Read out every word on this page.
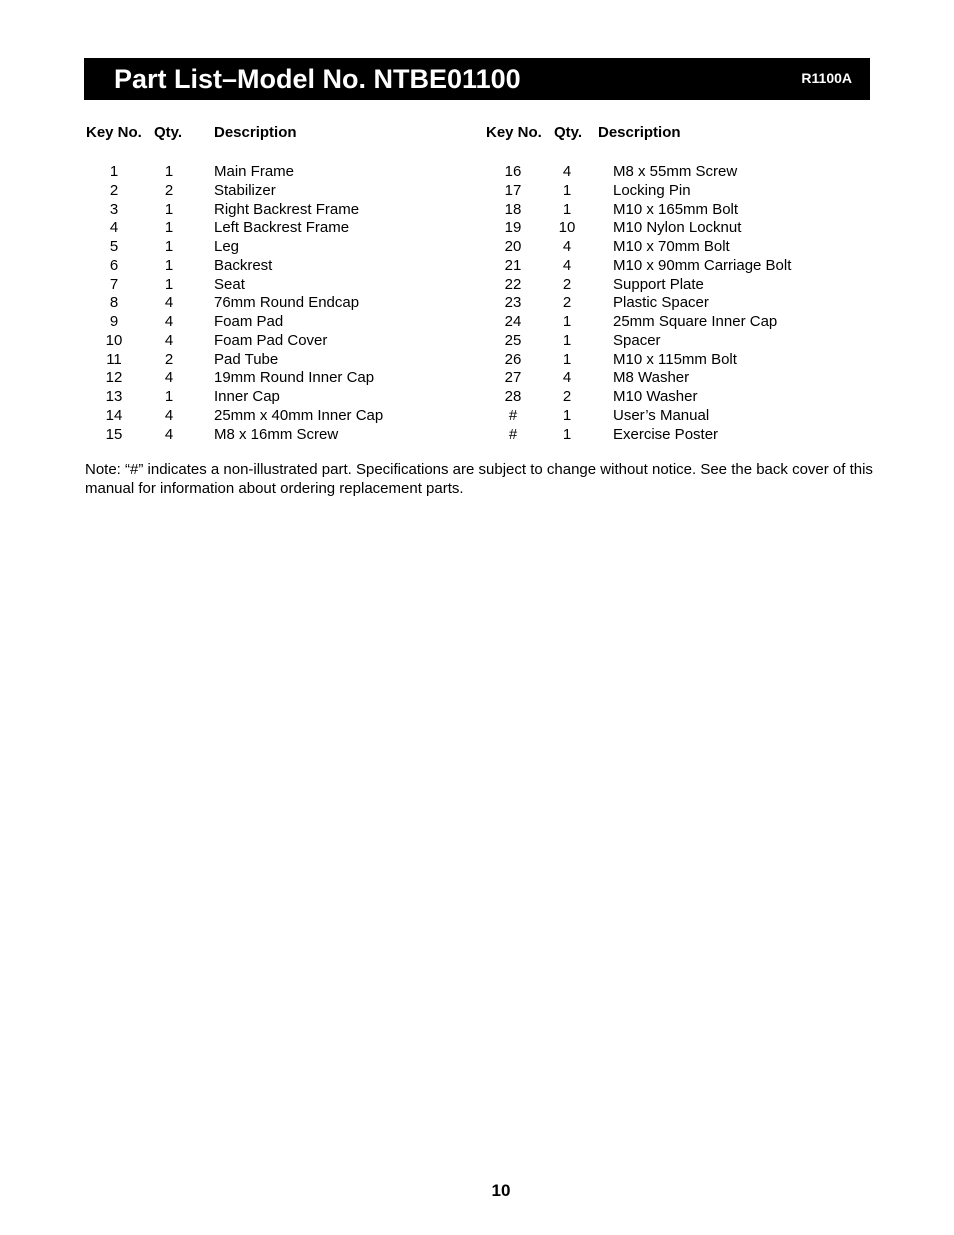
Part List–Model No. NTBE01100	R1100A
Key No. Qty. Description	Key No. Qty. Description
1	1	Main Frame
2	2	Stabilizer
3	1	Right Backrest Frame
4	1	Left Backrest Frame
5	1	Leg
6	1	Backrest
7	1	Seat
8	4	76mm Round Endcap
9	4	Foam Pad
10	4	Foam Pad Cover
11	2	Pad Tube
12	4	19mm Round Inner Cap
13	1	Inner Cap
14	4	25mm x 40mm Inner Cap
15	4	M8 x 16mm Screw
16	4	M8 x 55mm Screw
17	1	Locking Pin
18	1	M10 x 165mm Bolt
19	10	M10 Nylon Locknut
20	4	M10 x 70mm Bolt
21	4	M10 x 90mm Carriage Bolt
22	2	Support Plate
23	2	Plastic Spacer
24	1	25mm Square Inner Cap
25	1	Spacer
26	1	M10 x 115mm Bolt
27	4	M8 Washer
28	2	M10 Washer
#	1	User’s Manual
#	1	Exercise Poster

Note: “#” indicates a non-illustrated part. Specifications are subject to change without notice. See the back cover of this manual for information about ordering replacement parts.

10
